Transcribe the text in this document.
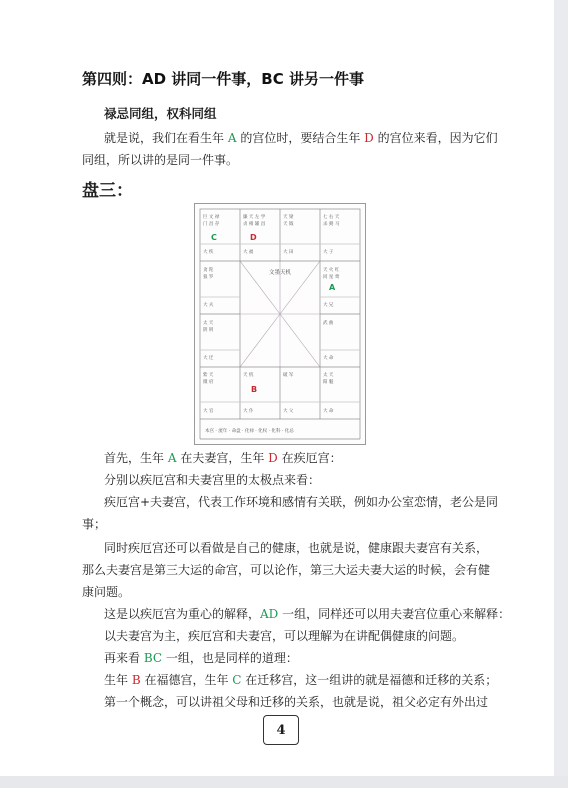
第四则：AD 讲同一件事，BC 讲另一件事
禄忌同组，权科同组
就是说，我们在看生年 A 的宫位时，要结合生年 D 的宫位来看，因为它们
同组，所以讲的是同一件事。
盘三：
巨 文 禄
门 昌 存
廉 天 左 学
贞 相 辅 昌
天 梁
天 钺
七 右 天
杀 弼 马
大 疾	大 福	大 田	大 子
贪 陀
狼 罗
天 火 红
同 星 鸾
大 夫	大 兄
太 天
阴 刑
武 曲
大 迁	大 命
紫 天
微 府
天 机	破 军	太 天
阳 魁
大 官	大 仆	大 父	大 命
本宫 · 流年 · 命盘 · 化禄 · 化权 · 化科 · 化忌
文墨天机
A
B
C	D
首先，生年 A 在夫妻宫，生年 D 在疾厄宫：
分别以疾厄宫和夫妻宫里的太极点来看：
疾厄宫+夫妻宫，代表工作环境和感情有关联，例如办公室恋情，老公是同
事；
同时疾厄宫还可以看做是自己的健康，也就是说，健康跟夫妻宫有关系，
那么夫妻宫是第三大运的命宫，可以论作，第三大运夫妻大运的时候，会有健
康问题。
这是以疾厄宫为重心的解释，AD 一组，同样还可以用夫妻宫位重心来解释：
以夫妻宫为主，疾厄宫和夫妻宫，可以理解为在讲配偶健康的问题。
再来看 BC 一组，也是同样的道理：
生年 B 在福德宫，生年 C 在迁移宫，这一组讲的就是福德和迁移的关系；
第一个概念，可以讲祖父母和迁移的关系，也就是说，祖父必定有外出过
4
